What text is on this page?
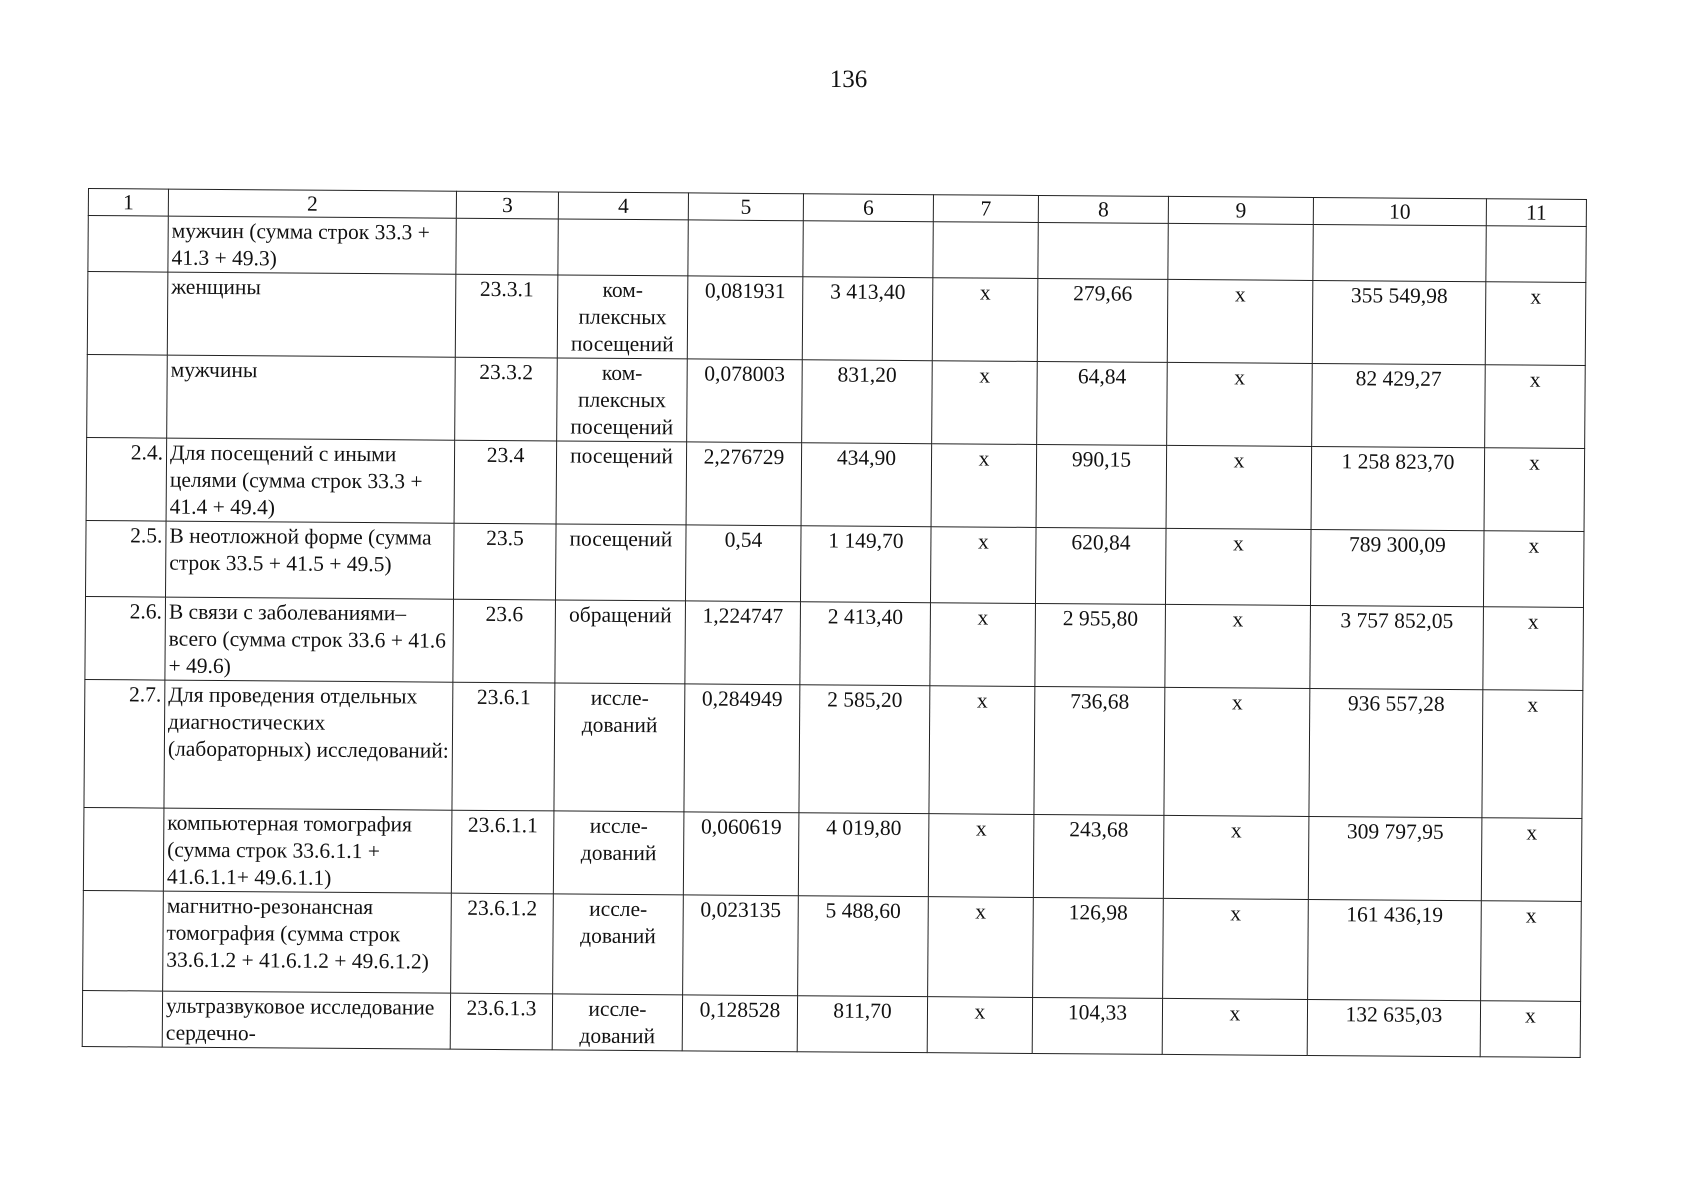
136
1	2	3	4	5	6	7	8	9	10	11
	мужчин (сумма строк 33.3 + 41.3 + 49.3)									
	женщины	23.3.1	ком-плексных посещений	0,081931	3 413,40	х	279,66	х	355 549,98	х
	мужчины	23.3.2	ком-плексных посещений	0,078003	831,20	х	64,84	х	82 429,27	х
2.4.	Для посещений с иными целями (сумма строк 33.3 + 41.4 + 49.4)	23.4	посещений	2,276729	434,90	х	990,15	х	1 258 823,70	х
2.5.	В неотложной форме (сумма строк 33.5 + 41.5 + 49.5)	23.5	посещений	0,54	1 149,70	х	620,84	х	789 300,09	х
2.6.	В связи с заболеваниями– всего (сумма строк 33.6 + 41.6 + 49.6)	23.6	обращений	1,224747	2 413,40	х	2 955,80	х	3 757 852,05	х
2.7.	Для проведения отдельных диагностических (лабораторных) исследований:	23.6.1	иссле-дований	0,284949	2 585,20	х	736,68	х	936 557,28	х
	компьютерная томография (сумма строк 33.6.1.1 + 41.6.1.1+ 49.6.1.1)	23.6.1.1	иссле-дований	0,060619	4 019,80	х	243,68	х	309 797,95	х
	магнитно-резонансная томография (сумма строк 33.6.1.2 + 41.6.1.2 + 49.6.1.2)	23.6.1.2	иссле-дований	0,023135	5 488,60	х	126,98	х	161 436,19	х
	ультразвуковое исследование сердечно-	23.6.1.3	иссле-дований	0,128528	811,70	х	104,33	х	132 635,03	х
